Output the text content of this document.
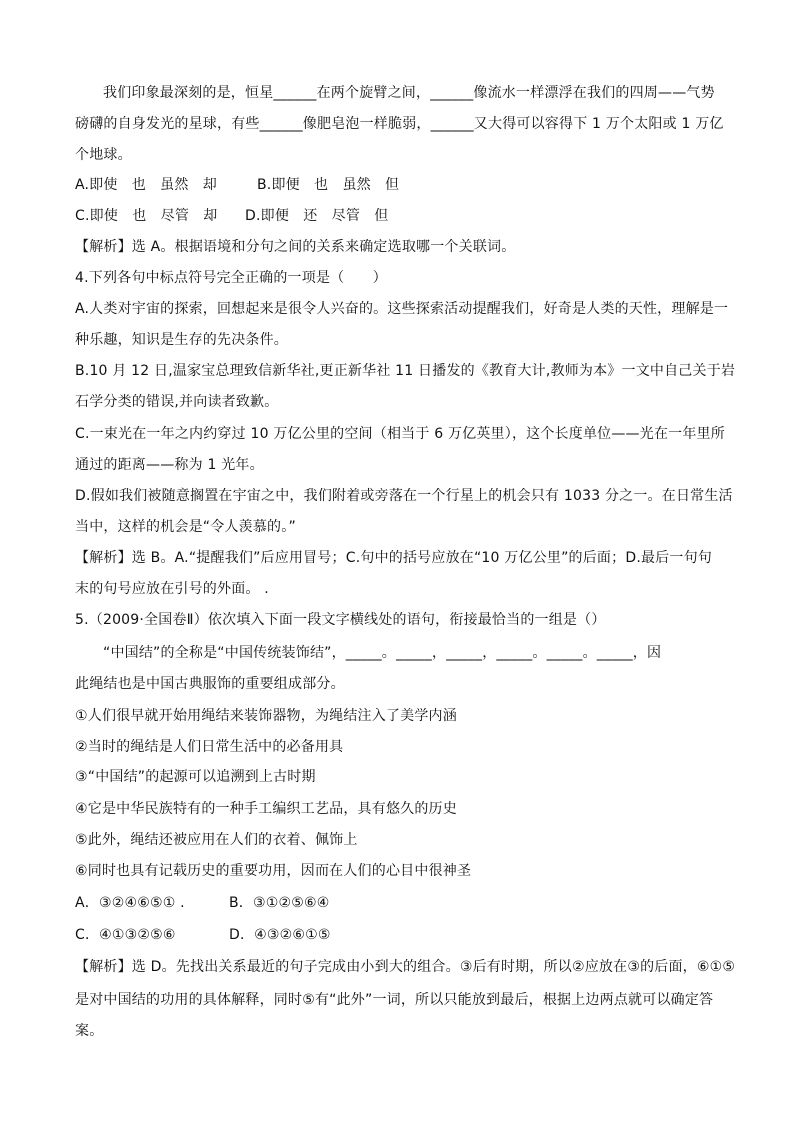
我们印象最深刻的是，恒星______在两个旋臂之间，______像流水一样漂浮在我们的四周——气势
磅礴的自身发光的星球，有些______像肥皂泡一样脆弱，______又大得可以容得下 1 万个太阳或 1 万亿
个地球。
A.即使　也　虽然　却	B.即便　也　虽然　但
C.即使　也　尽管　却 D.即便　还　尽管　但
【解析】选 A。根据语境和分句之间的关系来确定选取哪一个关联词。
4.下列各句中标点符号完全正确的一项是（　　）
A.人类对宇宙的探索，回想起来是很令人兴奋的。这些探索活动提醒我们，好奇是人类的天性，理解是一
种乐趣，知识是生存的先决条件。
B.10 月 12 日,温家宝总理致信新华社,更正新华社 11 日播发的《教育大计,教师为本》一文中自己关于岩
石学分类的错误,并向读者致歉。
C.一束光在一年之内约穿过 10 万亿公里的空间（相当于 6 万亿英里），这个长度单位——光在一年里所
通过的距离——称为 1 光年。
D.假如我们被随意搁置在宇宙之中，我们附着或旁落在一个行星上的机会只有 1033 分之一。在日常生活
当中，这样的机会是“令人羡慕的。”
【解析】选 B。A.“提醒我们”后应用冒号；C.句中的括号应放在“10 万亿公里”的后面；D.最后一句句
末的句号应放在引号的外面。 .
5.（2009·全国卷Ⅱ）依次填入下面一段文字横线处的语句，衔接最恰当的一组是（）
“中国结”的全称是“中国传统装饰结”，_____。_____，_____，_____。_____。_____，因
此绳结也是中国古典服饰的重要组成部分。
①人们很早就开始用绳结来装饰器物，为绳结注入了美学内涵
②当时的绳结是人们日常生活中的必备用具
③“中国结”的起源可以追溯到上古时期
④它是中华民族特有的一种手工编织工艺品，具有悠久的历史
⑤此外，绳结还被应用在人们的衣着、佩饰上
⑥同时也具有记载历史的重要功用，因而在人们的心目中很神圣
A．③②④⑥⑤① .	B．③①②⑤⑥④
C．④①③②⑤⑥	D．④③②⑥①⑤
【解析】选 D。先找出关系最近的句子完成由小到大的组合。③后有时期，所以②应放在③的后面，⑥①⑤
是对中国结的功用的具体解释，同时⑤有“此外”一词，所以只能放到最后，根据上边两点就可以确定答
案。
